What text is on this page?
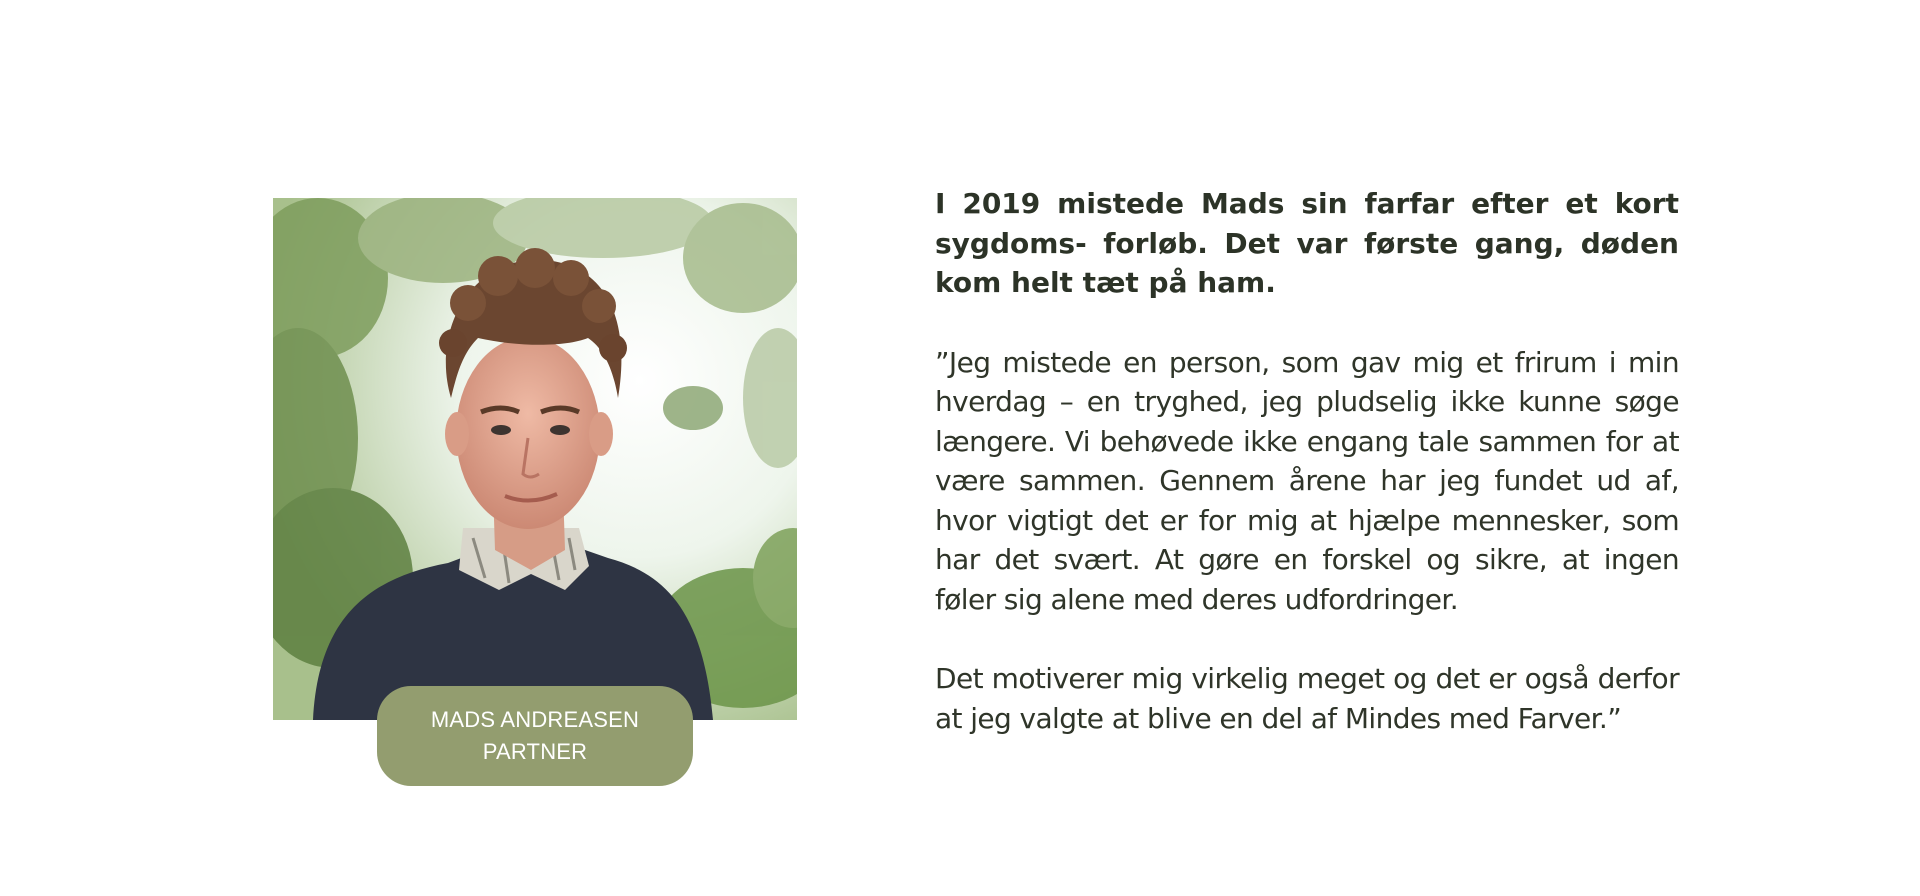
MADS ANDREASEN
PARTNER

I 2019 mistede Mads sin farfar efter et kort sygdoms- forløb. Det var første gang, døden kom helt tæt på ham.

”Jeg mistede en person, som gav mig et frirum i min hverdag – en tryghed, jeg pludselig ikke kunne søge længere. Vi behøvede ikke engang tale sammen for at være sammen. Gennem årene har jeg fundet ud af, hvor vigtigt det er for mig at hjælpe mennesker, som har det svært. At gøre en forskel og sikre, at ingen føler sig alene med deres udfordringer.

Det motiverer mig virkelig meget og det er også derfor at jeg valgte at blive en del af Mindes med Farver.”
